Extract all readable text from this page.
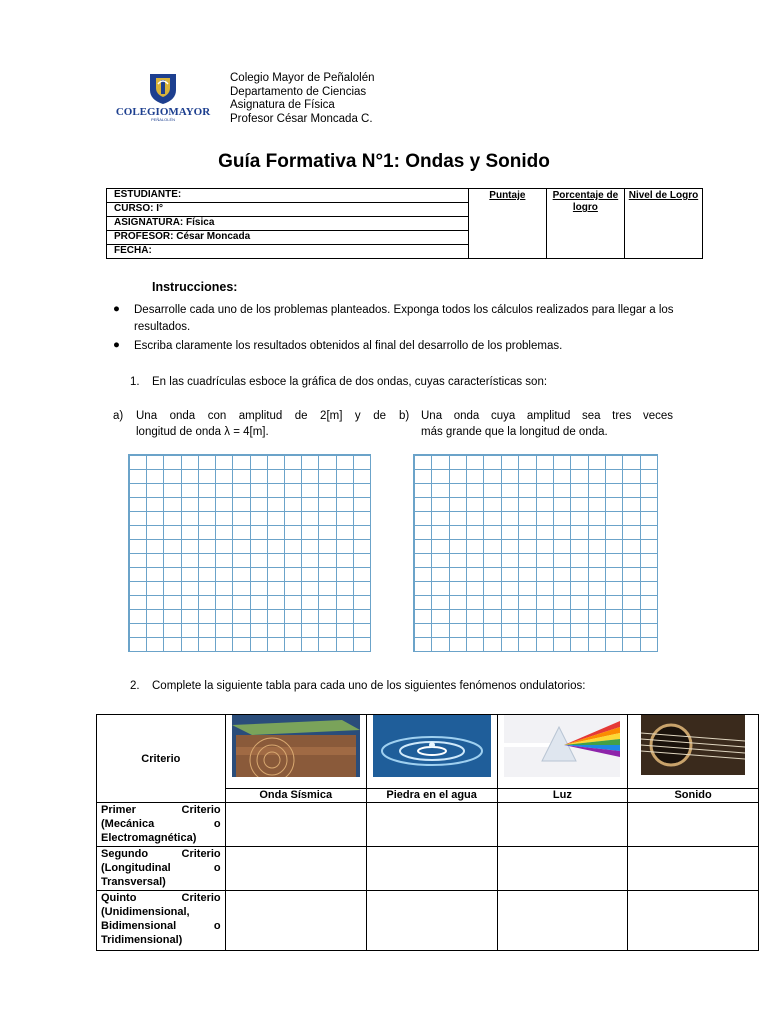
COLEGIOMAYOR
PEÑALOLÉN
Colegio Mayor de Peñalolén
Departamento de Ciencias
Asignatura de Física
Profesor César Moncada C.
Guía Formativa N°1: Ondas y Sonido
ESTUDIANTE:	Puntaje	Porcentaje de logro	Nivel de Logro
CURSO: I°
ASIGNATURA: Física
PROFESOR: César Moncada
FECHA:
Instrucciones:
● Desarrolle cada uno de los problemas planteados. Exponga todos los cálculos realizados para llegar a los resultados.
● Escriba claramente los resultados obtenidos al final del desarrollo de los problemas.
1. En las cuadrículas esboce la gráfica de dos ondas, cuyas características son:
a) Una onda con amplitud de 2[m] y de
longitud de onda λ = 4[m].
b) Una onda cuya amplitud sea tres veces
más grande que la longitud de onda.
2. Complete la siguiente tabla para cada uno de los siguientes fenómenos ondulatorios:
Criterio				
	Onda Sísmica	Piedra en el agua	Luz	Sonido
Primer Criterio (Mecánica o Electromagnética)				
Segundo Criterio (Longitudinal o Transversal)				
Quinto Criterio (Unidimensional, Bidimensional o Tridimensional)				
